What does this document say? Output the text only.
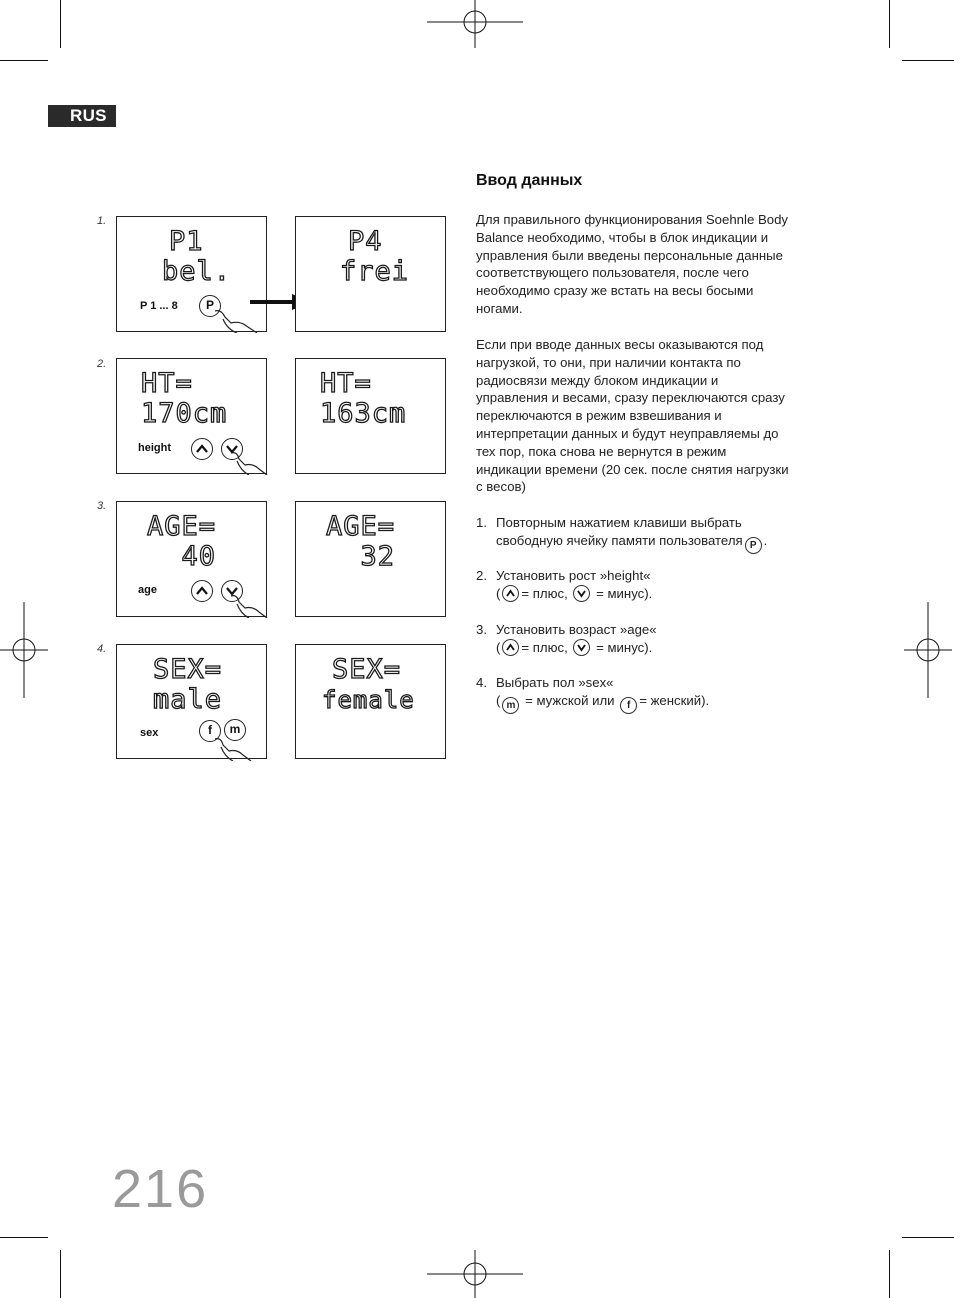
RUS
1.
2.
3.
4.
P1
bel.
P 1 ... 8	P
P4
frei
HT=
170cm
height
HT=
163cm
AGE=
40
age
AGE=
32
SEX=
male
sex	f	m
SEX=
female
Ввод данных
Для правильного функционирования Soehnle Body
Balance необходимо, чтобы в блок индикации и
управления были введены персональные данные
соответствующего пользователя, после чего
необходимо сразу же встать на весы босыми
ногами.
Если при вводе данных весы оказываются под
нагрузкой, то они, при наличии контакта по
радиосвязи между блоком индикации и
управления и весами, сразу переключаются сразу
переключаются в режим взвешивания и
интерпретации данных и будут неуправляемы до
тех пор, пока снова не вернутся в режим
индикации времени (20 сек. после снятия нагрузки
с весов)
1. Повторным нажатием клавиши выбрать
свободную ячейку памяти пользователя P .
2. Установить рост »height«
( = плюс, = минус).
3. Установить возраст »age«
( = плюс, = минус).
4. Выбрать пол »sex«
( m = мужской или f = женский).
216
